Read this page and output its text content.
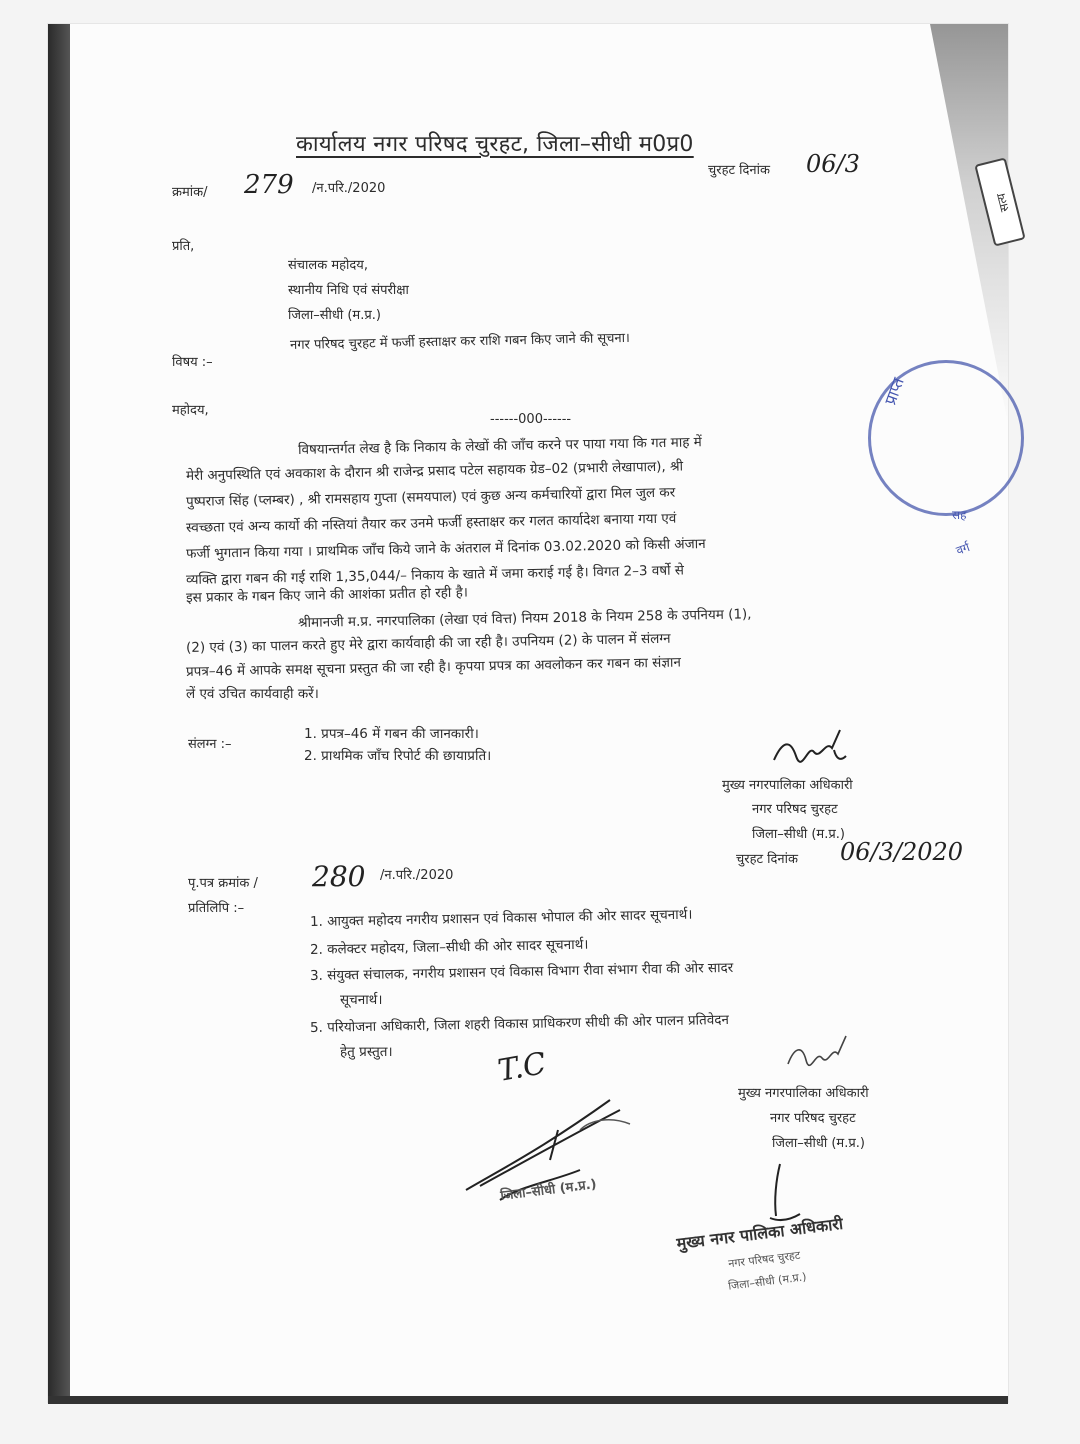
सत्य
कार्यालय नगर परिषद चुरहट, जिला–सीधी म0प्र0
चुरहट दिनांक 06/3
क्रमांक/ 279 /न.परि./2020
प्रति,
संचालक महोदय,
स्थानीय निधि एवं संपरीक्षा
जिला–सीधी (म.प्र.)
विषय :–
नगर परिषद चुरहट में फर्जी हस्ताक्षर कर राशि गबन किए जाने की सूचना।
महोदय,
------000------
विषयान्तर्गत लेख है कि निकाय के लेखों की जाँच करने पर पाया गया कि गत माह में
मेरी अनुपस्थिति एवं अवकाश के दौरान श्री राजेन्द्र प्रसाद पटेल सहायक ग्रेड–02 (प्रभारी लेखापाल), श्री
पुष्पराज सिंह (प्लम्बर) , श्री रामसहाय गुप्ता (समयपाल) एवं कुछ अन्य कर्मचारियों द्वारा मिल जुल कर
स्वच्छता एवं अन्य कार्यो की नस्तियां तैयार कर उनमे फर्जी हस्ताक्षर कर गलत कार्यादेश बनाया गया एवं
फर्जी भुगतान किया गया । प्राथमिक जाँच किये जाने के अंतराल में दिनांक 03.02.2020 को किसी अंजान
व्यक्ति द्वारा गबन की गई राशि 1,35,044/– निकाय के खाते में जमा कराई गई है। विगत 2–3 वर्षो से
इस प्रकार के गबन किए जाने की आशंका प्रतीत हो रही है।
श्रीमानजी म.प्र. नगरपालिका (लेखा एवं वित्त) नियम 2018 के नियम 258 के उपनियम (1),
(2) एवं (3) का पालन करते हुए मेरे द्वारा कार्यवाही की जा रही है। उपनियम (2) के पालन में संलग्न
प्रपत्र–46 में आपके समक्ष सूचना प्रस्तुत की जा रही है। कृपया प्रपत्र का अवलोकन कर गबन का संज्ञान
लें एवं उचित कार्यवाही करें।
संलग्न :–
1. प्रपत्र–46 में गबन की जानकारी।
2. प्राथमिक जाँच रिपोर्ट की छायाप्रति।
मुख्य नगरपालिका अधिकारी
नगर परिषद चुरहट
जिला–सीधी (म.प्र.)
चुरहट दिनांक 06/3/2020
पृ.पत्र क्रमांक / 280 /न.परि./2020
प्रतिलिपि :–	1. आयुक्त महोदय नगरीय प्रशासन एवं विकास भोपाल की ओर सादर सूचनार्थ।
2. कलेक्टर महोदय, जिला–सीधी की ओर सादर सूचनार्थ।
3. संयुक्त संचालक, नगरीय प्रशासन एवं विकास विभाग रीवा संभाग रीवा की ओर सादर
सूचनार्थ।
5. परियोजना अधिकारी, जिला शहरी विकास प्राधिकरण सीधी की ओर पालन प्रतिवेदन
हेतु प्रस्तुत।	T.C
मुख्य नगरपालिका अधिकारी
नगर परिषद चुरहट
जिला–सीधी (म.प्र.)
जिला–सीधी (म.प्र.)
मुख्य नगर पालिका अधिकारी
नगर परिषद चुरहट
जिला–सीधी (म.प्र.)
प्राप्त
सह
वर्ग
